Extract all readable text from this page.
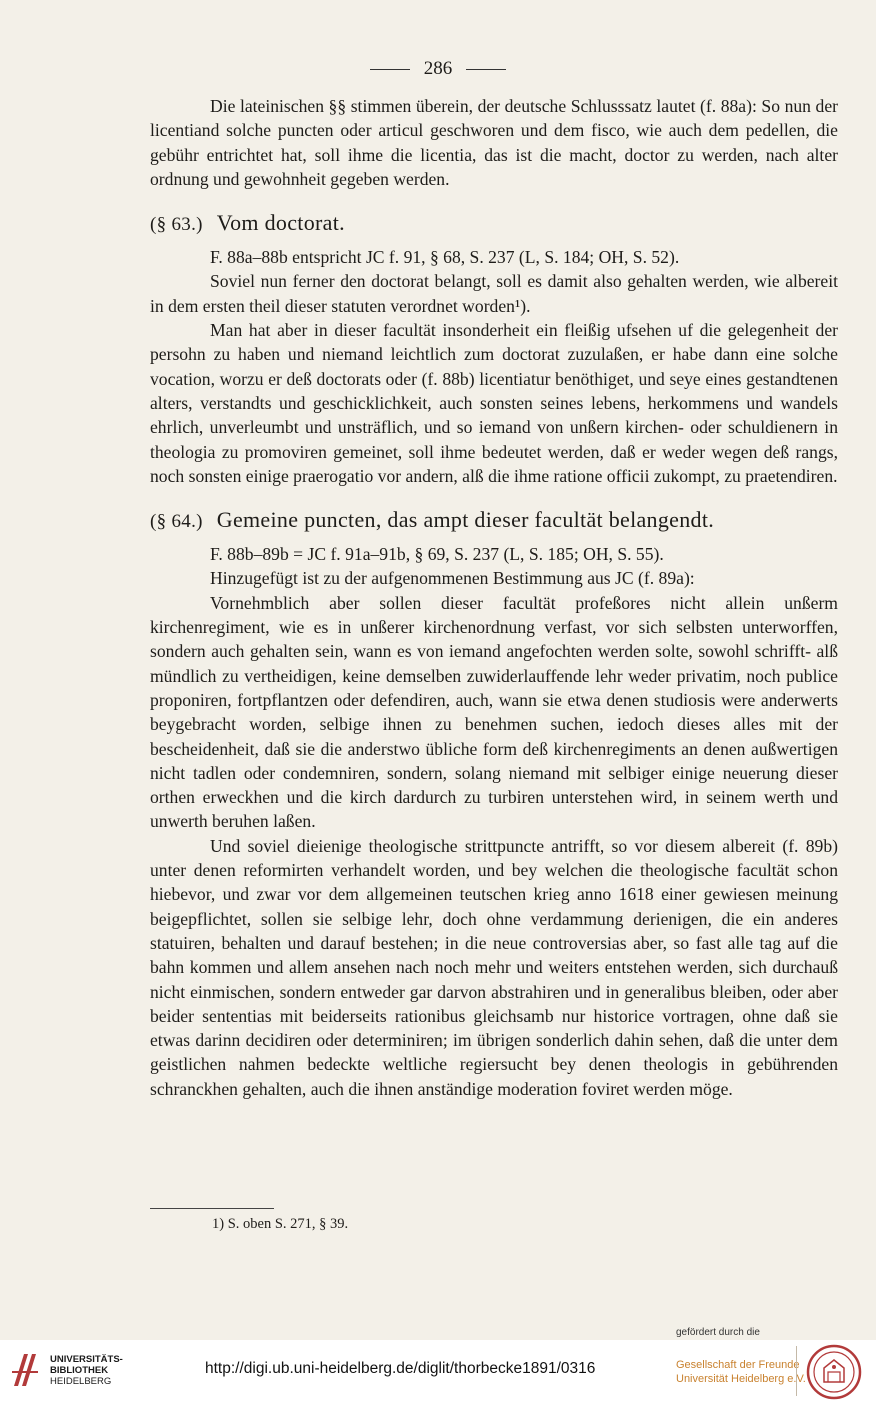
286

Die lateinischen §§ stimmen überein, der deutsche Schlusssatz lautet (f. 88a): So nun der licentiand solche puncten oder articul geschworen und dem fisco, wie auch dem pedellen, die gebühr entrichtet hat, soll ihme die licentia, das ist die macht, doctor zu werden, nach alter ordnung und gewohnheit gegeben werden.

(§ 63.) Vom doctorat.

F. 88a–88b entspricht JC f. 91, § 68, S. 237 (L, S. 184; OH, S. 52).

Soviel nun ferner den doctorat belangt, soll es damit also gehalten werden, wie albereit in dem ersten theil dieser statuten verordnet worden¹).

Man hat aber in dieser facultät insonderheit ein fleißig ufsehen uf die gelegenheit der persohn zu haben und niemand leichtlich zum doctorat zuzulaßen, er habe dann eine solche vocation, worzu er deß doctorats oder (f. 88b) licentiatur benöthiget, und seye eines gestandtenen alters, verstandts und geschicklichkeit, auch sonsten seines lebens, herkommens und wandels ehrlich, unverleumbt und unsträflich, und so iemand von unßern kirchen- oder schuldienern in theologia zu promoviren gemeinet, soll ihme bedeutet werden, daß er weder wegen deß rangs, noch sonsten einige praerogatio vor andern, alß die ihme ratione officii zukompt, zu praetendiren.

(§ 64.) Gemeine puncten, das ampt dieser facultät belangendt.

F. 88b–89b = JC f. 91a–91b, § 69, S. 237 (L, S. 185; OH, S. 55).

Hinzugefügt ist zu der aufgenommenen Bestimmung aus JC (f. 89a):

Vornehmblich aber sollen dieser facultät profeßores nicht allein unßerm kirchenregiment, wie es in unßerer kirchenordnung verfast, vor sich selbsten unterworffen, sondern auch gehalten sein, wann es von iemand angefochten werden solte, sowohl schrifft- alß mündlich zu vertheidigen, keine demselben zuwiderlauffende lehr weder privatim, noch publice proponiren, fortpflantzen oder defendiren, auch, wann sie etwa denen studiosis were anderwerts beygebracht worden, selbige ihnen zu benehmen suchen, iedoch dieses alles mit der bescheidenheit, daß sie die anderstwo übliche form deß kirchenregiments an denen außwertigen nicht tadlen oder condemniren, sondern, solang niemand mit selbiger einige neuerung dieser orthen erweckhen und die kirch dardurch zu turbiren unterstehen wird, in seinem werth und unwerth beruhen laßen.

Und soviel dieienige theologische strittpuncte antrifft, so vor diesem albereit (f. 89b) unter denen reformirten verhandelt worden, und bey welchen die theologische facultät schon hiebevor, und zwar vor dem allgemeinen teutschen krieg anno 1618 einer gewiesen meinung beigepflichtet, sollen sie selbige lehr, doch ohne verdammung derienigen, die ein anderes statuiren, behalten und darauf bestehen; in die neue controversias aber, so fast alle tag auf die bahn kommen und allem ansehen nach noch mehr und weiters entstehen werden, sich durchauß nicht einmischen, sondern entweder gar darvon abstrahiren und in generalibus bleiben, oder aber beider sententias mit beiderseits rationibus gleichsamb nur historice vortragen, ohne daß sie etwas darinn decidiren oder determiniren; im übrigen sonderlich dahin sehen, daß die unter dem geistlichen nahmen bedeckte weltliche regiersucht bey denen theologis in gebührenden schranckhen gehalten, auch die ihnen anständige moderation foviret werden möge.

1) S. oben S. 271, § 39.
UNIVERSITÄTS-
BIBLIOTHEK
HEIDELBERG
http://digi.ub.uni-heidelberg.de/diglit/thorbecke1891/0316
gefördert durch die
Gesellschaft der Freunde
Universität Heidelberg e.V.
